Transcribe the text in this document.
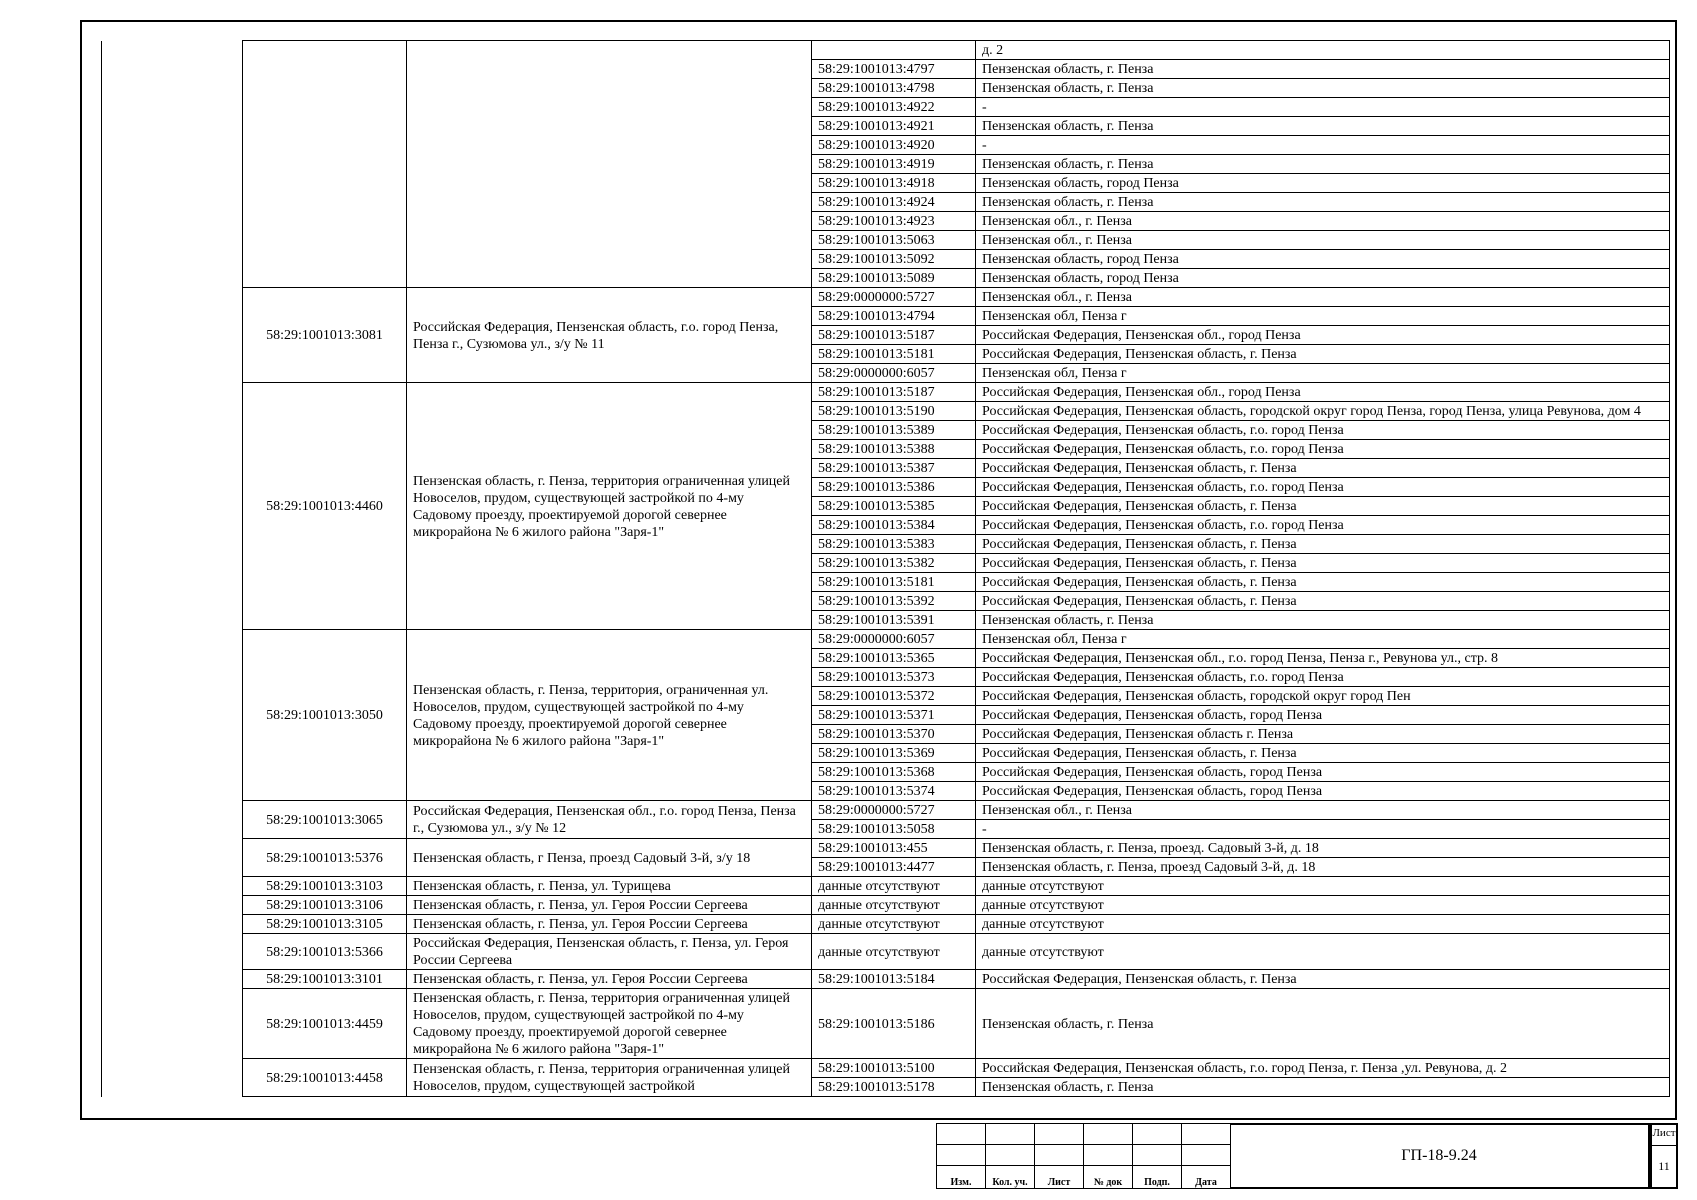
				д. 2
			58:29:1001013:4797	Пензенская область, г. Пенза
			58:29:1001013:4798	Пензенская область, г. Пенза
			58:29:1001013:4922	-
			58:29:1001013:4921	Пензенская область, г. Пенза
			58:29:1001013:4920	-
			58:29:1001013:4919	Пензенская область, г. Пенза
			58:29:1001013:4918	Пензенская область, город Пенза
			58:29:1001013:4924	Пензенская область, г. Пенза
			58:29:1001013:4923	Пензенская обл., г. Пенза
			58:29:1001013:5063	Пензенская обл., г. Пенза
			58:29:1001013:5092	Пензенская область, город Пенза
			58:29:1001013:5089	Пензенская область, город Пенза
	58:29:1001013:3081	Российская Федерация, Пензенская область, г.о. город Пенза, Пенза г., Сузюмова ул., з/у № 11	58:29:0000000:5727	Пензенская обл., г. Пенза
			58:29:1001013:4794	Пензенская обл, Пенза г
			58:29:1001013:5187	Российская Федерация, Пензенская обл., город Пенза
			58:29:1001013:5181	Российская Федерация, Пензенская область, г. Пенза
			58:29:0000000:6057	Пензенская обл, Пенза г
	58:29:1001013:4460	Пензенская область, г. Пенза, территория ограниченная улицей Новоселов, прудом, существующей застройкой по 4-му Садовому проезду, проектируемой дорогой севернее микрорайона № 6 жилого района "Заря-1"	58:29:1001013:5187	Российская Федерация, Пензенская обл., город Пенза
			58:29:1001013:5190	Российская Федерация, Пензенская область, городской округ город Пенза, город Пенза, улица Ревунова, дом 4
			58:29:1001013:5389	Российская Федерация, Пензенская область, г.о. город Пенза
			58:29:1001013:5388	Российская Федерация, Пензенская область, г.о. город Пенза
			58:29:1001013:5387	Российская Федерация, Пензенская область, г. Пенза
			58:29:1001013:5386	Российская Федерация, Пензенская область, г.о. город Пенза
			58:29:1001013:5385	Российская Федерация, Пензенская область, г. Пенза
			58:29:1001013:5384	Российская Федерация, Пензенская область, г.о. город Пенза
			58:29:1001013:5383	Российская Федерация, Пензенская область, г. Пенза
			58:29:1001013:5382	Российская Федерация, Пензенская область, г. Пенза
			58:29:1001013:5181	Российская Федерация, Пензенская область, г. Пенза
			58:29:1001013:5392	Российская Федерация, Пензенская область, г. Пенза
			58:29:1001013:5391	Пензенская область, г. Пенза
	58:29:1001013:3050	Пензенская область, г. Пенза, территория, ограниченная ул. Новоселов, прудом, существующей застройкой по 4-му Садовому проезду, проектируемой дорогой севернее микрорайона № 6 жилого района "Заря-1"	58:29:0000000:6057	Пензенская обл, Пенза г
			58:29:1001013:5365	Российская Федерация, Пензенская обл., г.о. город Пенза, Пенза г., Ревунова ул., стр. 8
			58:29:1001013:5373	Российская Федерация, Пензенская область, г.о. город Пенза
			58:29:1001013:5372	Российская Федерация, Пензенская область, городской округ город Пен
			58:29:1001013:5371	Российская Федерация, Пензенская область, город Пенза
			58:29:1001013:5370	Российская Федерация, Пензенская область г. Пенза
			58:29:1001013:5369	Российская Федерация, Пензенская область, г. Пенза
			58:29:1001013:5368	Российская Федерация, Пензенская область, город Пенза
			58:29:1001013:5374	Российская Федерация, Пензенская область, город Пенза
	58:29:1001013:3065	Российская Федерация, Пензенская обл., г.о. город Пенза, Пенза г., Сузюмова ул., з/у № 12	58:29:0000000:5727	Пензенская обл., г. Пенза
			58:29:1001013:5058	-
	58:29:1001013:5376	Пензенская область, г Пенза, проезд Садовый 3-й, з/у 18	58:29:1001013:455	Пензенская область, г. Пенза, проезд. Садовый 3-й, д. 18
			58:29:1001013:4477	Пензенская область, г. Пенза, проезд Садовый 3-й, д. 18
	58:29:1001013:3103	Пензенская область, г. Пенза, ул. Турищева	данные отсутствуют	данные отсутствуют
	58:29:1001013:3106	Пензенская область, г. Пенза, ул. Героя России Сергеева	данные отсутствуют	данные отсутствуют
	58:29:1001013:3105	Пензенская область, г. Пенза, ул. Героя России Сергеева	данные отсутствуют	данные отсутствуют
	58:29:1001013:5366	Российская Федерация, Пензенская область, г. Пенза, ул. Героя России Сергеева	данные отсутствуют	данные отсутствуют
	58:29:1001013:3101	Пензенская область, г. Пенза, ул. Героя России Сергеева	58:29:1001013:5184	Российская Федерация, Пензенская область, г. Пенза
	58:29:1001013:4459	Пензенская область, г. Пенза, территория ограниченная улицей Новоселов, прудом, существующей застройкой по 4-му Садовому проезду, проектируемой дорогой севернее микрорайона № 6 жилого района "Заря-1"	58:29:1001013:5186	Пензенская область, г. Пенза
	58:29:1001013:4458	Пензенская область, г. Пенза, территория ограниченная улицей Новоселов, прудом, существующей застройкой	58:29:1001013:5100	Российская Федерация, Пензенская область, г.о. город Пенза, г. Пенза ,ул. Ревунова, д. 2
			58:29:1001013:5178	Пензенская область, г. Пенза

Изм.	Кол. уч.	Лист	№ док	Подп.	Дата
ГП-18-9.24
Лист
11
